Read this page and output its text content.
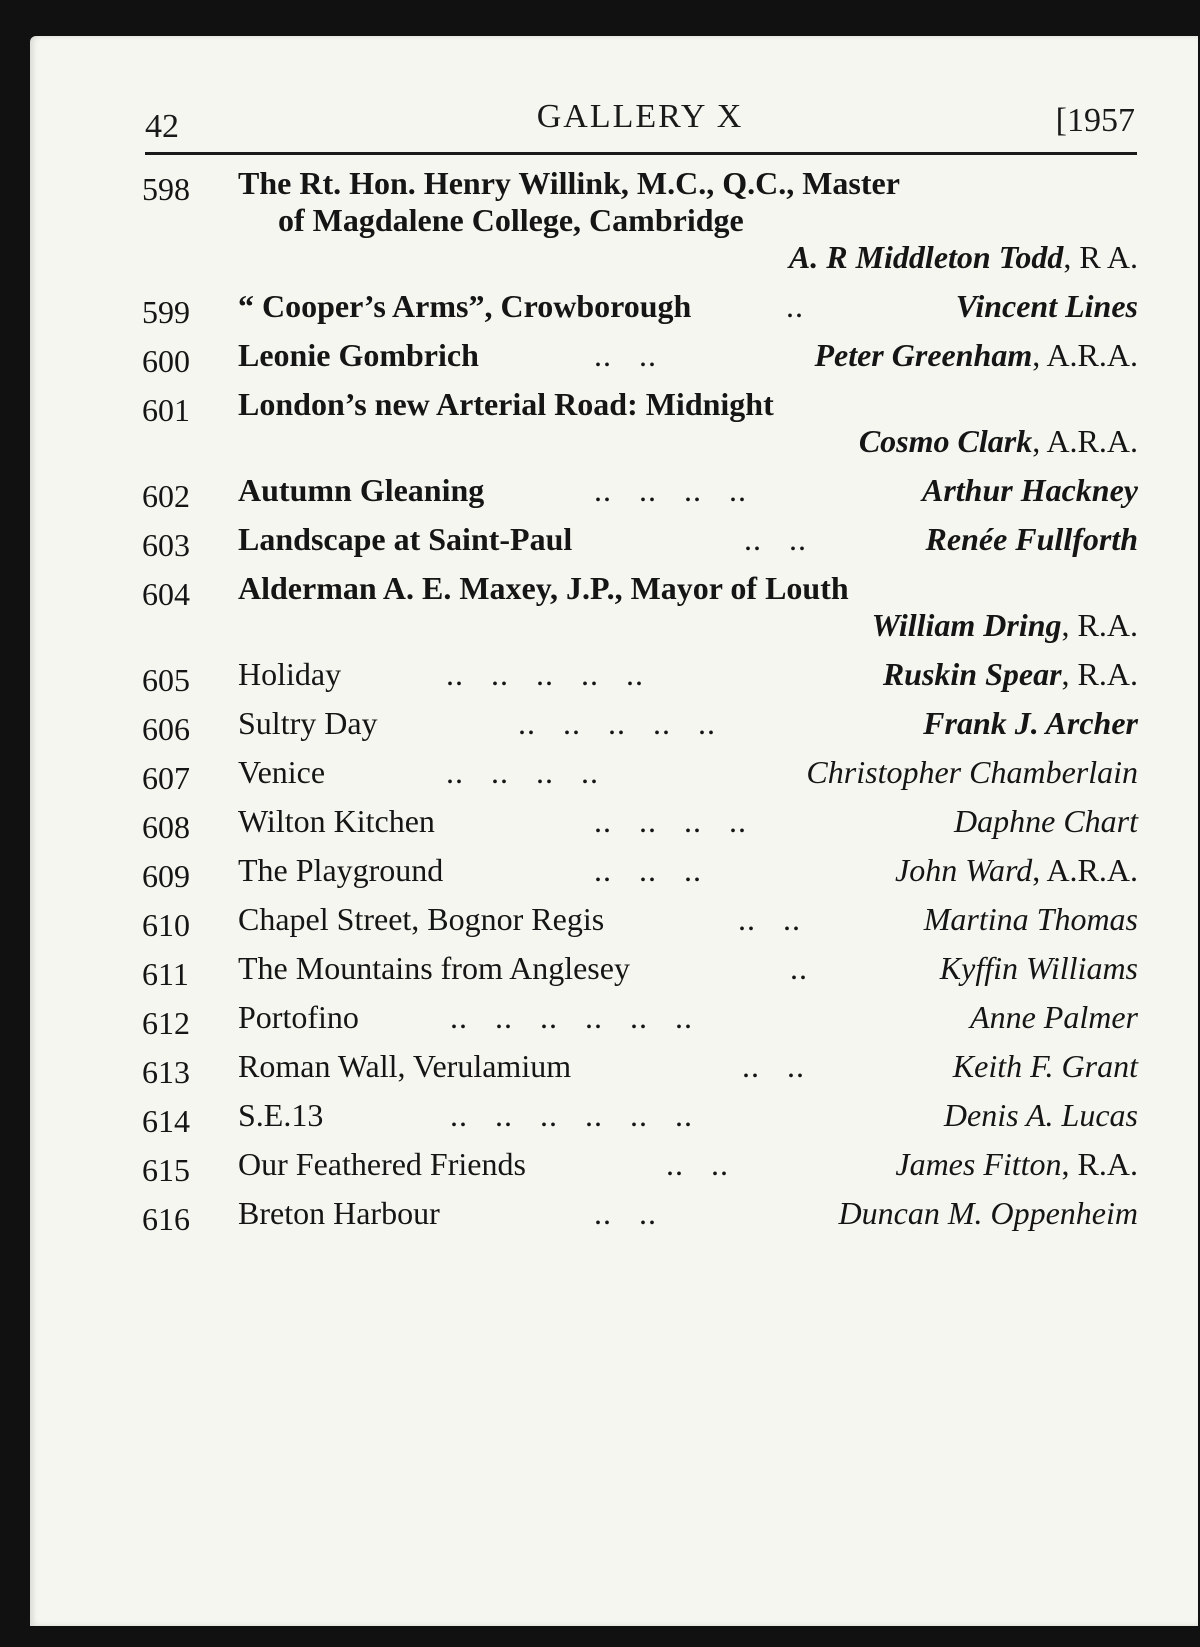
42	GALLERY X	[1957
598 The Rt. Hon. Henry Willink, M.C., Q.C., Master
of Magdalene College, Cambridge
A. R Middleton Todd, R A.
599 “ Cooper’s Arms”, Crowborough	..	Vincent Lines
600 Leonie Gombrich	..   ..	Peter Greenham, A.R.A.
601 London’s new Arterial Road: Midnight
Cosmo Clark, A.R.A.
602 Autumn Gleaning	..   ..   ..   ..	Arthur Hackney
603 Landscape at Saint-Paul	..   ..	Renée Fullforth
604 Alderman A. E. Maxey, J.P., Mayor of Louth
William Dring, R.A.
605 Holiday	..   ..   ..   ..   ..	Ruskin Spear, R.A.
606 Sultry Day	..   ..   ..   ..   ..	Frank J. Archer
607 Venice	..   ..   ..   ..	Christopher Chamberlain
608 Wilton Kitchen	..   ..   ..   ..	Daphne Chart
609 The Playground	..   ..   ..	John Ward, A.R.A.
610 Chapel Street, Bognor Regis	..   ..	Martina Thomas
611 The Mountains from Anglesey	..	Kyffin Williams
612 Portofino	..   ..   ..   ..   ..   ..	Anne Palmer
613 Roman Wall, Verulamium	..   ..	Keith F. Grant
614 S.E.13	..   ..   ..   ..   ..   ..	Denis A. Lucas
615 Our Feathered Friends	..   ..	James Fitton, R.A.
616 Breton Harbour	..   ..	Duncan M. Oppenheim
